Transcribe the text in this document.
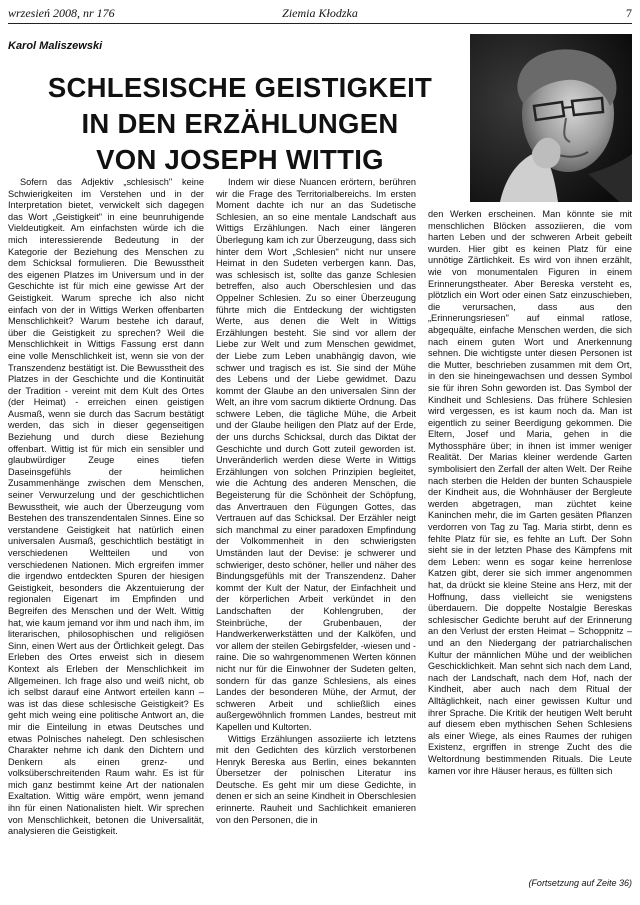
wrzesień 2008, nr 176	Ziemia Kłodzka	7
Karol Maliszewski
SCHLESISCHE GEISTIGKEIT
IN DEN ERZÄHLUNGEN
VON JOSEPH WITTIG

Sofern das Adjektiv „schlesisch" keine Schwierigkeiten im Verstehen und in der Interpretation bietet, verwickelt sich dagegen das Wort „Geistigkeit" in eine beunruhigende Vieldeutigkeit. Am einfachsten würde ich die mich interessierende Bedeutung in der Kategorie der Beziehung des Menschen zu dem Schicksal formulieren. Die Bewusstheit des eigenen Platzes im Universum und in der Geschichte ist für mich eine gewisse Art der Geistigkeit. Warum spreche ich also nicht einfach von der in Wittigs Werken offenbarten Menschlichkeit? Warum bestehe ich darauf, über die Geistigkeit zu sprechen? Weil die Menschlichkeit in Wittigs Fassung erst dann eine volle Menschlichkeit ist, wenn sie von der Transzendenz bestätigt ist. Die Bewusstheit des Platzes in der Geschichte und die Kontinuität der Tradition - vereint mit dem Kult des Ortes (der Heimat) - erreichen einen geistigen Ausmaß, wenn sie durch das Sacrum bestätigt werden, das sich in dieser gegenseitigen Beziehung und durch diese Beziehung offenbart. Wittig ist für mich ein sensibler und glaubwürdiger Zeuge eines tiefen Daseinsgefühls der heimlichen Zusammenhänge zwischen dem Menschen, seiner Verwurzelung und der geschichtlichen Bewusstheit, wie auch der Überzeugung vom Bestehen des transzendentalen Sinnes. Eine so verstandene Geistigkeit hat natürlich einen universalen Ausmaß, geschichtlich bestätigt in verschiedenen Weltteilen und von verschiedenen Nationen. Mich ergreifen immer die irgendwo entdeckten Spuren der hiesigen Geistigkeit, besonders die Akzentuierung der regionalen Eigenart im Empfinden und Begreifen des Menschen und der Welt. Wittig hat, wie kaum jemand vor ihm und nach ihm, im literarischen, philosophischen und religiösen Sinn, einen Wert aus der Örtlichkeit gelegt. Das Erleben des Ortes erweist sich in diesem Kontext als Erleben der Menschlichkeit im Allgemeinen. Ich frage also und weiß nicht, ob ich selbst darauf eine Antwort erteilen kann – was ist das diese schlesische Geistigkeit? Es geht mich weing eine politische Antwort an, die mir die Einteilung in etwas Deutsches und etwas Polnisches nahelegt. Den schlesischen Charakter nehme ich dank den Dichtern und Denkern als einen grenz- und volksüberschreitenden Raum wahr. Es ist für mich ganz bestimmt keine Art der nationalen Exaltation. Wittig wäre empört, wenn jemand ihn für einen Nationalisten hielt. Wir sprechen von Menschlichkeit, betonen die Universalität, analysieren die Geistigkeit.

Indem wir diese Nuancen erörtern, berühren wir die Frage des Territorialbereichs. Im ersten Moment dachte ich nur an das Sudetische Schlesien, an so eine mentale Landschaft aus Wittigs Erzählungen. Nach einer längeren Überlegung kam ich zur Überzeugung, dass sich hinter dem Wort „Schlesien" nicht nur unsere Heimat in den Sudeten verbergen kann. Das, was schlesisch ist, sollte das ganze Schlesien betreffen, also auch Oberschlesien und das Oppelner Schlesien. Zu so einer Überzeugung führte mich die Entdeckung der wichtigsten Werte, aus denen die Welt in Wittigs Erzählungen besteht. Sie sind vor allem der Liebe zur Welt und zum Menschen gewidmet, der Liebe zum Leben unabhängig davon, wie schwer und tragisch es ist. Sie sind der Mühe des Lebens und der Liebe gewidmet. Dazu kommt der Glaube an den universalen Sinn der Welt, an ihre vom sacrum diktierte Ordnung. Das schwere Leben, die tägliche Mühe, die Arbeit und der Glaube heiligen den Platz auf der Erde, der uns durchs Schicksal, durch das Diktat der Geschichte und durch Gott zuteil geworden ist. Unveränderlich werden diese Werte in Wittigs Erzählungen von solchen Prinzipien begleitet, wie die Achtung des anderen Menschen, die Begeisterung für die Schönheit der Schöpfung, das Anvertrauen den Fügungen Gottes, das Vertrauen auf das Schicksal. Der Erzähler neigt sich manchmal zu einer paradoxen Empfindung der Volkommenheit in den schwierigsten Umständen laut der Devise: je schwerer und schwieriger, desto schöner, heller und näher des Bindungsgefühls mit der Transzendenz. Daher kommt der Kult der Natur, der Einfachheit und der körperlichen Arbeit verkündet in den Landschaften der Kohlengruben, der Steinbrüche, der Grubenbauen, der Handwerkerwerkstätten und der Kalköfen, und vor allem der steilen Gebirgsfelder, -wiesen und -raine. Die so wahrgenommenen Werten können nicht nur für die Einwohner der Sudeten gelten, sondern für das ganze Schlesiens, als eines Landes der besonderen Mühe, der Armut, der schweren Arbeit und schließlich eines außergewöhnlich frommen Landes, bestreut mit Kapellen und Kultorten.

Wittigs Erzählungen assoziierte ich letztens mit den Gedichten des kürzlich verstorbenen Henryk Bereska aus Berlin, eines bekannten Übersetzer der polnischen Literatur ins Deutsche. Es geht mir um diese Gedichte, in denen er sich an seine Kindheit in Oberschlesien erinnerte. Rauheit und Sachlichkeit emanieren von den Personen, die in

den Werken erscheinen. Man könnte sie mit menschlichen Blöcken assoziieren, die vom harten Leben und der schweren Arbeit gebeilt wurden. Hier gibt es keinen Platz für eine unnötige Zärtlichkeit. Es wird von ihnen erzählt, wie von monumentalen Figuren in einem Erinnerungstheater. Aber Bereska versteht es, plötzlich ein Wort oder einen Satz einzuschieben, die verursachen, dass aus den „Erinnerungsriesen" auf einmal ratlose, abgequälte, einfache Menschen werden, die sich nach einem guten Wort und Anerkennung sehnen. Die wichtigste unter diesen Personen ist die Mutter, beschrieben zusammen mit dem Ort, in den sie hineingewachsen und dessen Symbol sie für ihren Sohn geworden ist. Das Symbol der Kindheit und Schlesiens. Das frühere Schlesien wird vergessen, es ist kaum noch da. Man ist eigentlich zu seiner Beerdigung gekommen. Die Eltern, Josef und Maria, gehen in die Mythossphäre über; in ihnen ist immer weniger Realität. Der Marias kleiner werdende Garten symbolisiert den Zerfall der alten Welt. Der Reihe nach sterben die Helden der bunten Schauspiele der Kindheit aus, die Wohnhäuser der Bergleute werden abgetragen, man züchtet keine Kaninchen mehr, die im Garten gesäten Pflanzen verdorren von Tag zu Tag. Maria stirbt, denn es fehlte Platz für sie, es fehlte an Luft. Der Sohn sieht sie in der letzten Phase des Kämpfens mit dem Leben: wenn es sogar keine herrenlose Katzen gibt, derer sie sich immer angenommen hat, da drückt sie kleine Steine ans Herz, mit der Hoffnung, dass vielleicht sie wenigstens überdauern. Die doppelte Nostalgie Bereskas schlesischer Gedichte beruht auf der Erinnerung an den Verlust der ersten Heimat – Schoppnitz – und an den Niedergang der patriarchalischen Kultur der männlichen Mühe und der weiblichen Geschicklichkeit. Man sehnt sich nach dem Land, nach der Landschaft, nach dem Hof, nach der Kindheit, aber auch nach dem Ritual der Alltäglichkeit, nach einer gewissen Kultur und ihrer Sprache. Die Kritik der heutigen Welt beruht auf diesem eben mythischen Sehen Schlesiens als einer Wiege, als eines Raumes der ruhigen Existenz, ergriffen in strenge Zucht des die Weltordnung bestimmenden Rituals. Die Leute kamen vor ihre Häuser heraus, es füllten sich

(Fortsetzung auf Zeite 36)
